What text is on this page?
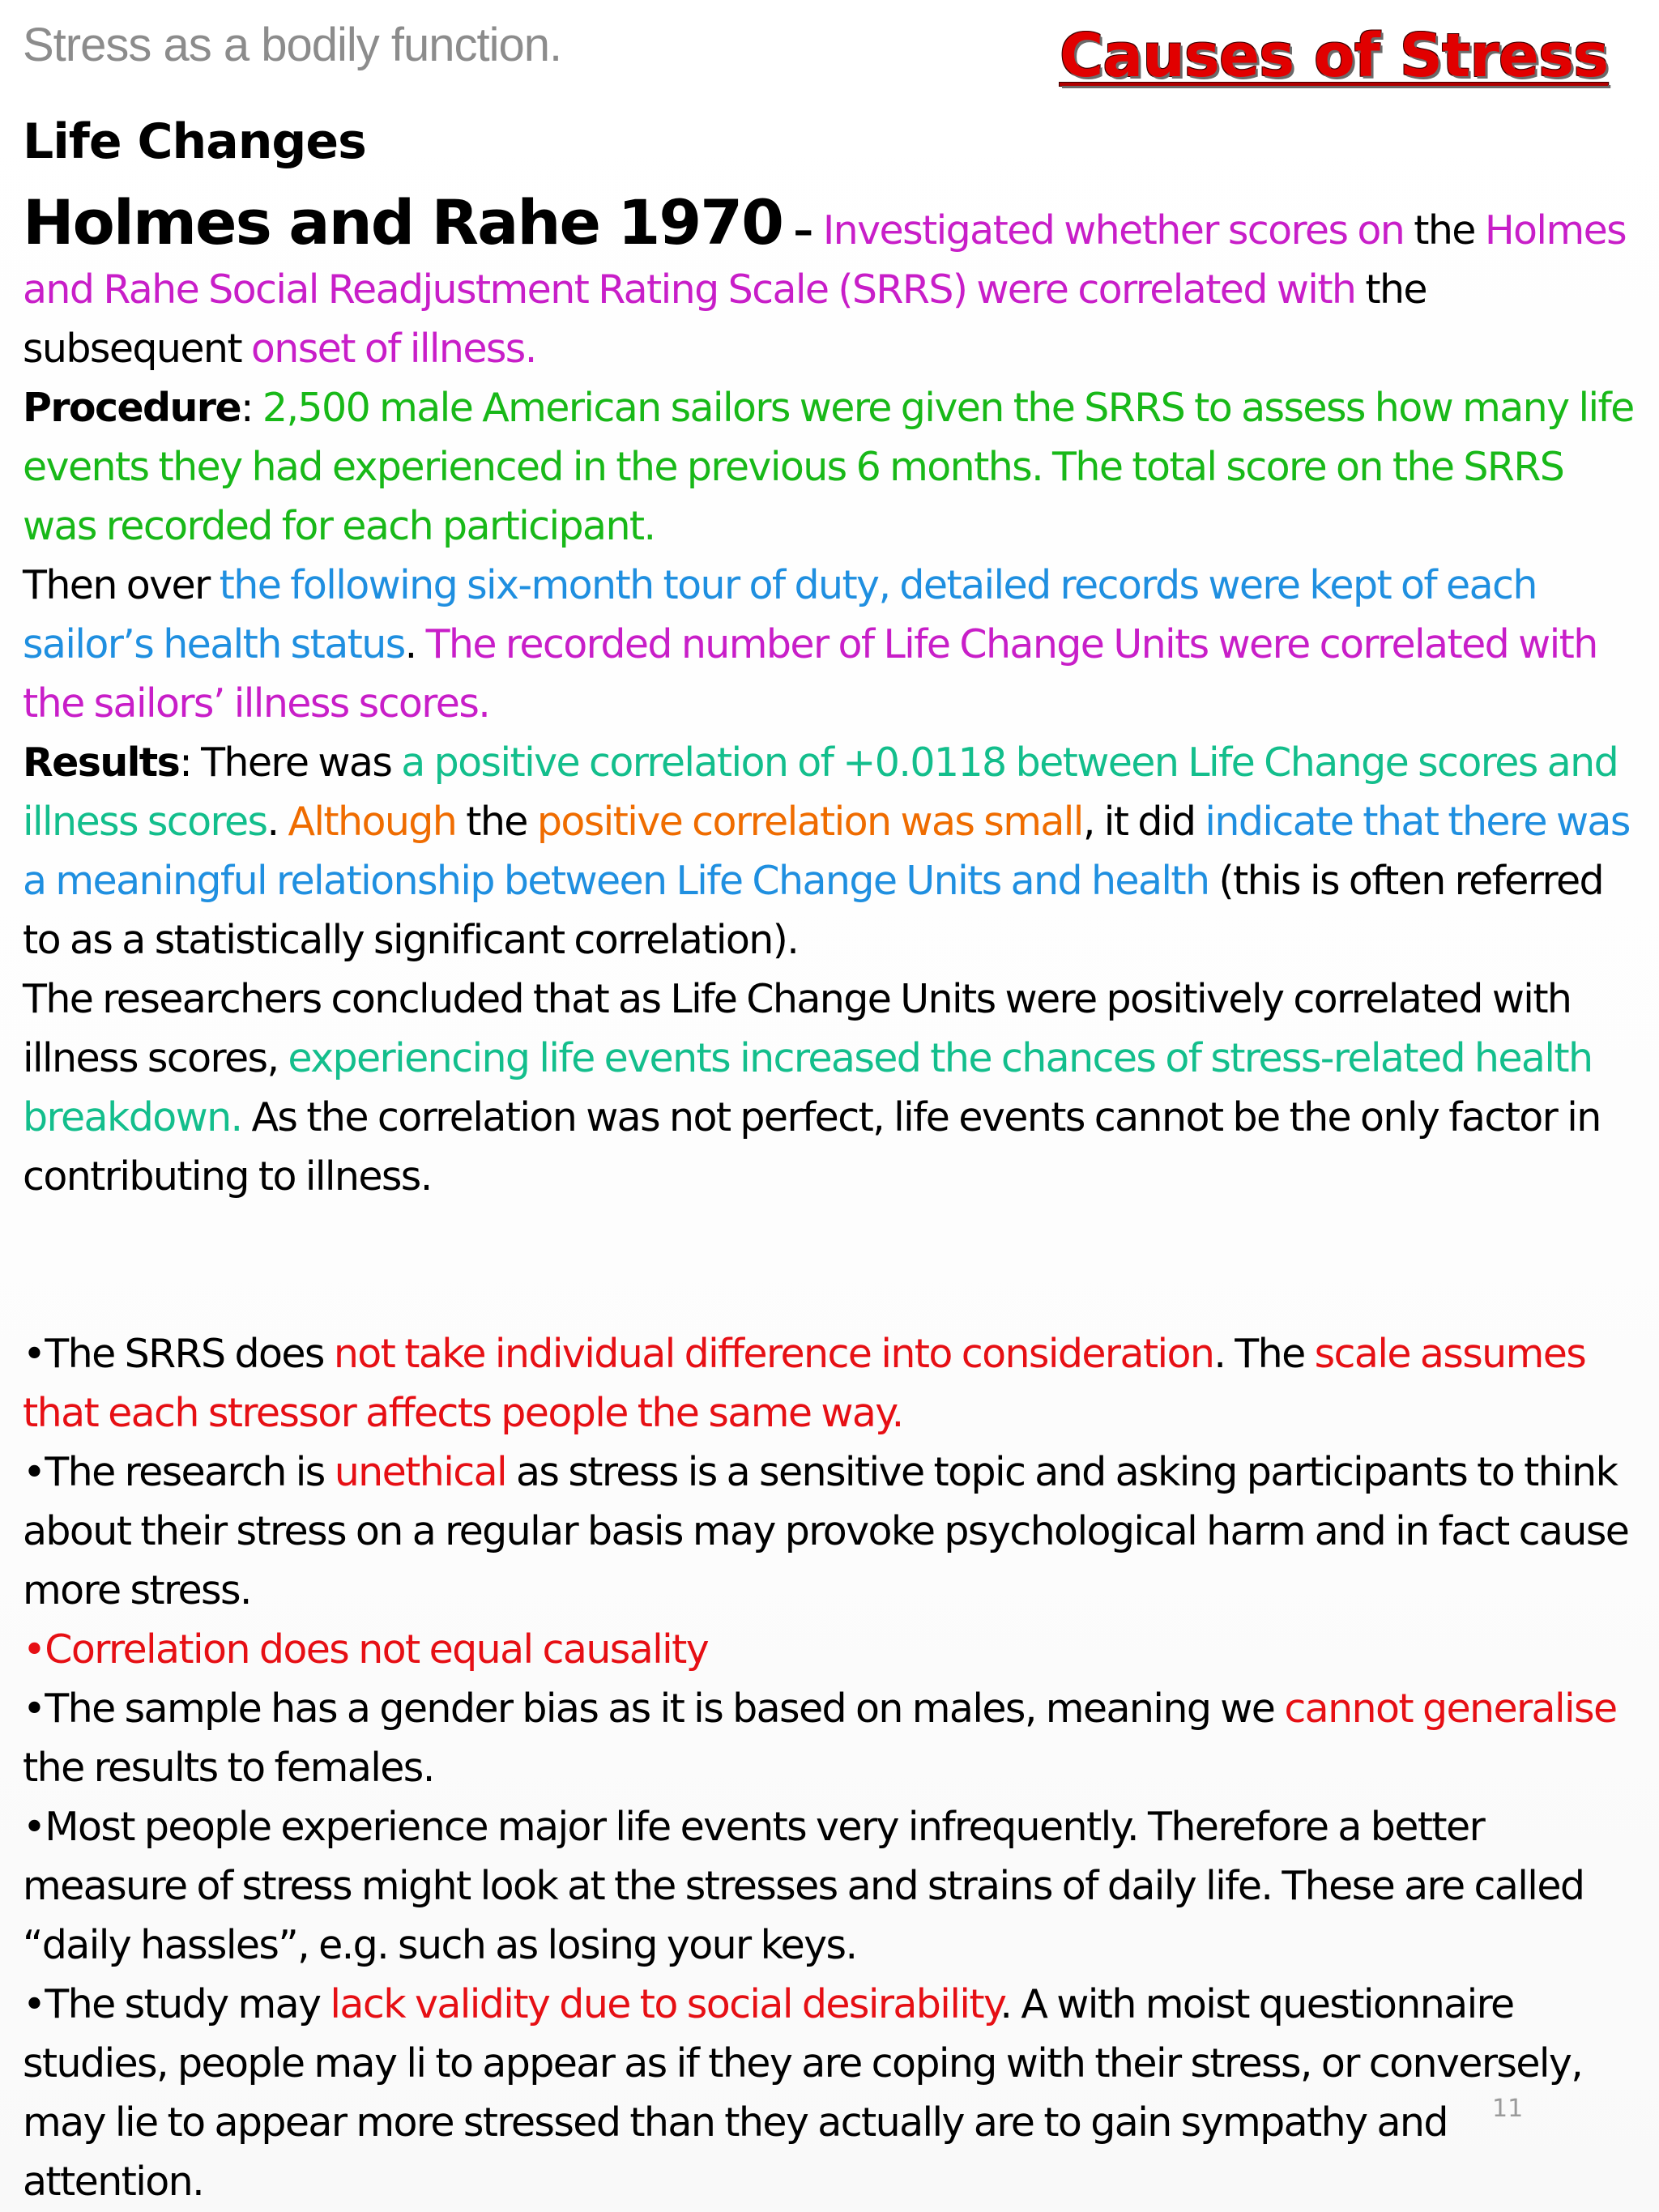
Stress as a bodily function.	Causes of Stress
Life Changes

Holmes and Rahe 1970 – Investigated whether scores on the Holmes and Rahe Social Readjustment Rating Scale (SRRS) were correlated with the subsequent onset of illness.

Procedure: 2,500 male American sailors were given the SRRS to assess how many life events they had experienced in the previous 6 months. The total score on the SRRS was recorded for each participant.

Then over the following six-month tour of duty, detailed records were kept of each sailor’s health status. The recorded number of Life Change Units were correlated with the sailors’ illness scores.

Results: There was a positive correlation of +0.0118 between Life Change scores and illness scores. Although the positive correlation was small, it did indicate that there was a meaningful relationship between Life Change Units and health (this is often referred to as a statistically significant correlation).

The researchers concluded that as Life Change Units were positively correlated with illness scores, experiencing life events increased the chances of stress-related health breakdown. As the correlation was not perfect, life events cannot be the only factor in contributing to illness.

•The SRRS does not take individual difference into consideration. The scale assumes that each stressor affects people the same way.

•The research is unethical as stress is a sensitive topic and asking participants to think about their stress on a regular basis may provoke psychological harm and in fact cause more stress.

•Correlation does not equal causality

•The sample has a gender bias as it is based on males, meaning we cannot generalise the results to females.

•Most people experience major life events very infrequently. Therefore a better measure of stress might look at the stresses and strains of daily life. These are called “daily hassles”, e.g. such as losing your keys.

•The study may lack validity due to social desirability. A with moist questionnaire studies, people may li to appear as if they are coping with their stress, or conversely, may lie to appear more stressed than they actually are to gain sympathy and attention.

11
